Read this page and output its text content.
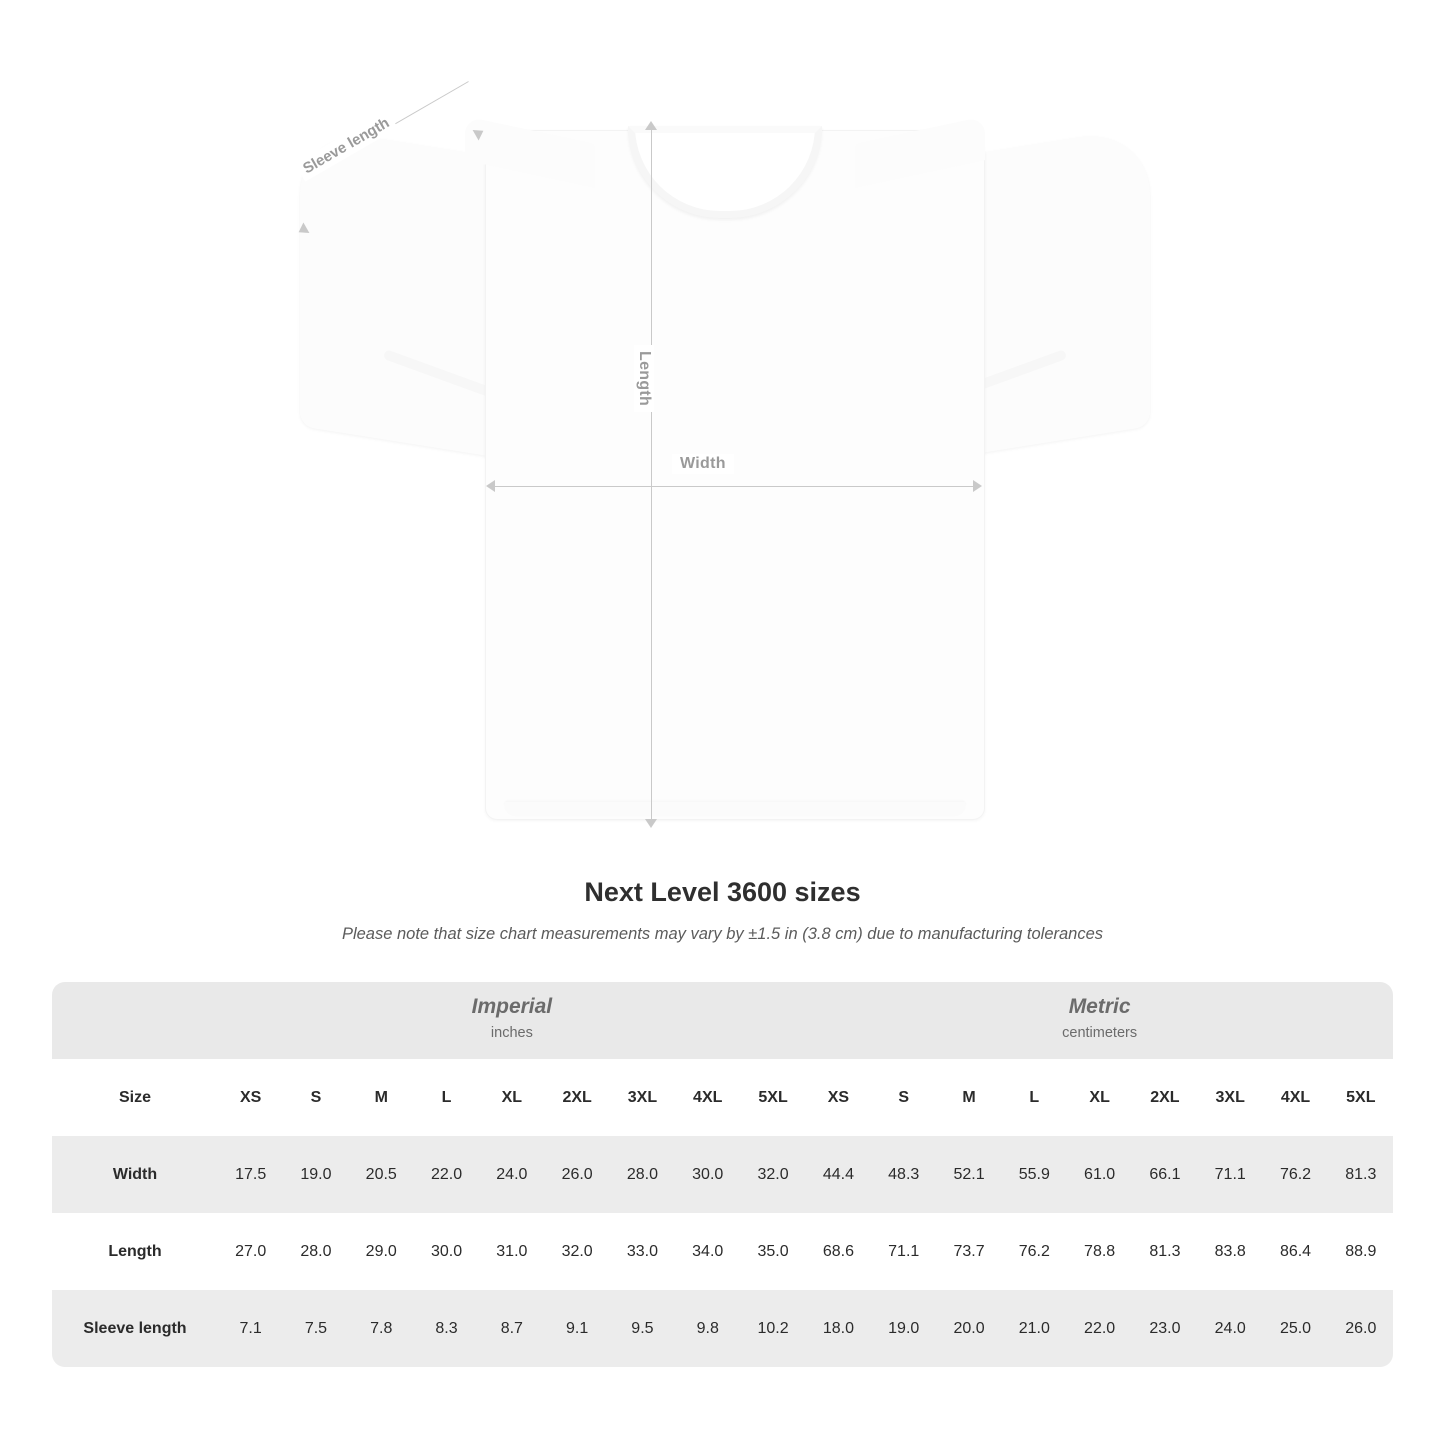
Length
Width
Sleeve length
Next Level 3600 sizes
Please note that size chart measurements may vary by ±1.5 in (3.8 cm) due to manufacturing tolerances

	Imperial
inches									Metric
centimeters								

Size	XS	S	M	L	XL	2XL	3XL	4XL	5XL	XS	S	M	L	XL	2XL	3XL	4XL	5XL
Width	17.5	19.0	20.5	22.0	24.0	26.0	28.0	30.0	32.0	44.4	48.3	52.1	55.9	61.0	66.1	71.1	76.2	81.3
Length	27.0	28.0	29.0	30.0	31.0	32.0	33.0	34.0	35.0	68.6	71.1	73.7	76.2	78.8	81.3	83.8	86.4	88.9
Sleeve length	7.1	7.5	7.8	8.3	8.7	9.1	9.5	9.8	10.2	18.0	19.0	20.0	21.0	22.0	23.0	24.0	25.0	26.0
